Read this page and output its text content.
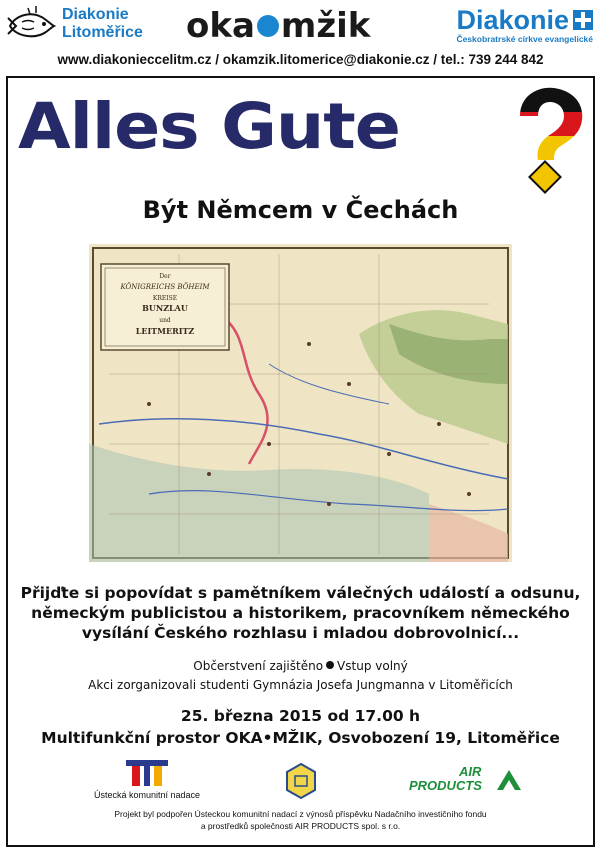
Diakonie
Litoměřice oka mžik	Diakonie
Českobratrské církve evangelické
www.diakonieccelitm.cz / okamzik.litomerice@diakonie.cz / tel.: 739 244 842
Alles Gute
Být Němcem v Čechách
Der
KÖNIGREICHS BÖHEIM
KREISE
BUNZLAU
und
LEITMERITZ
Přijďte si popovídat s pamětníkem válečných událostí a odsunu,
německým publicistou a historikem, pracovníkem německého
vysílání Českého rozhlasu i mladou dobrovolnicí...
Občerstvení zajištěno Vstup volný
Akci zorganizovali studenti Gymnázia Josefa Jungmanna v Litoměřicích
25. března 2015 od 17.00 h
Multifunkční prostor OKA•MŽIK, Osvobození 19, Litoměřice
Ústecká komunitní nadace
AIR
PRODUCTS
Projekt byl podpořen Ústeckou komunitní nadací z výnosů příspěvku Nadačního investičního fondu
a prostředků společnosti AIR PRODUCTS spol. s r.o.
